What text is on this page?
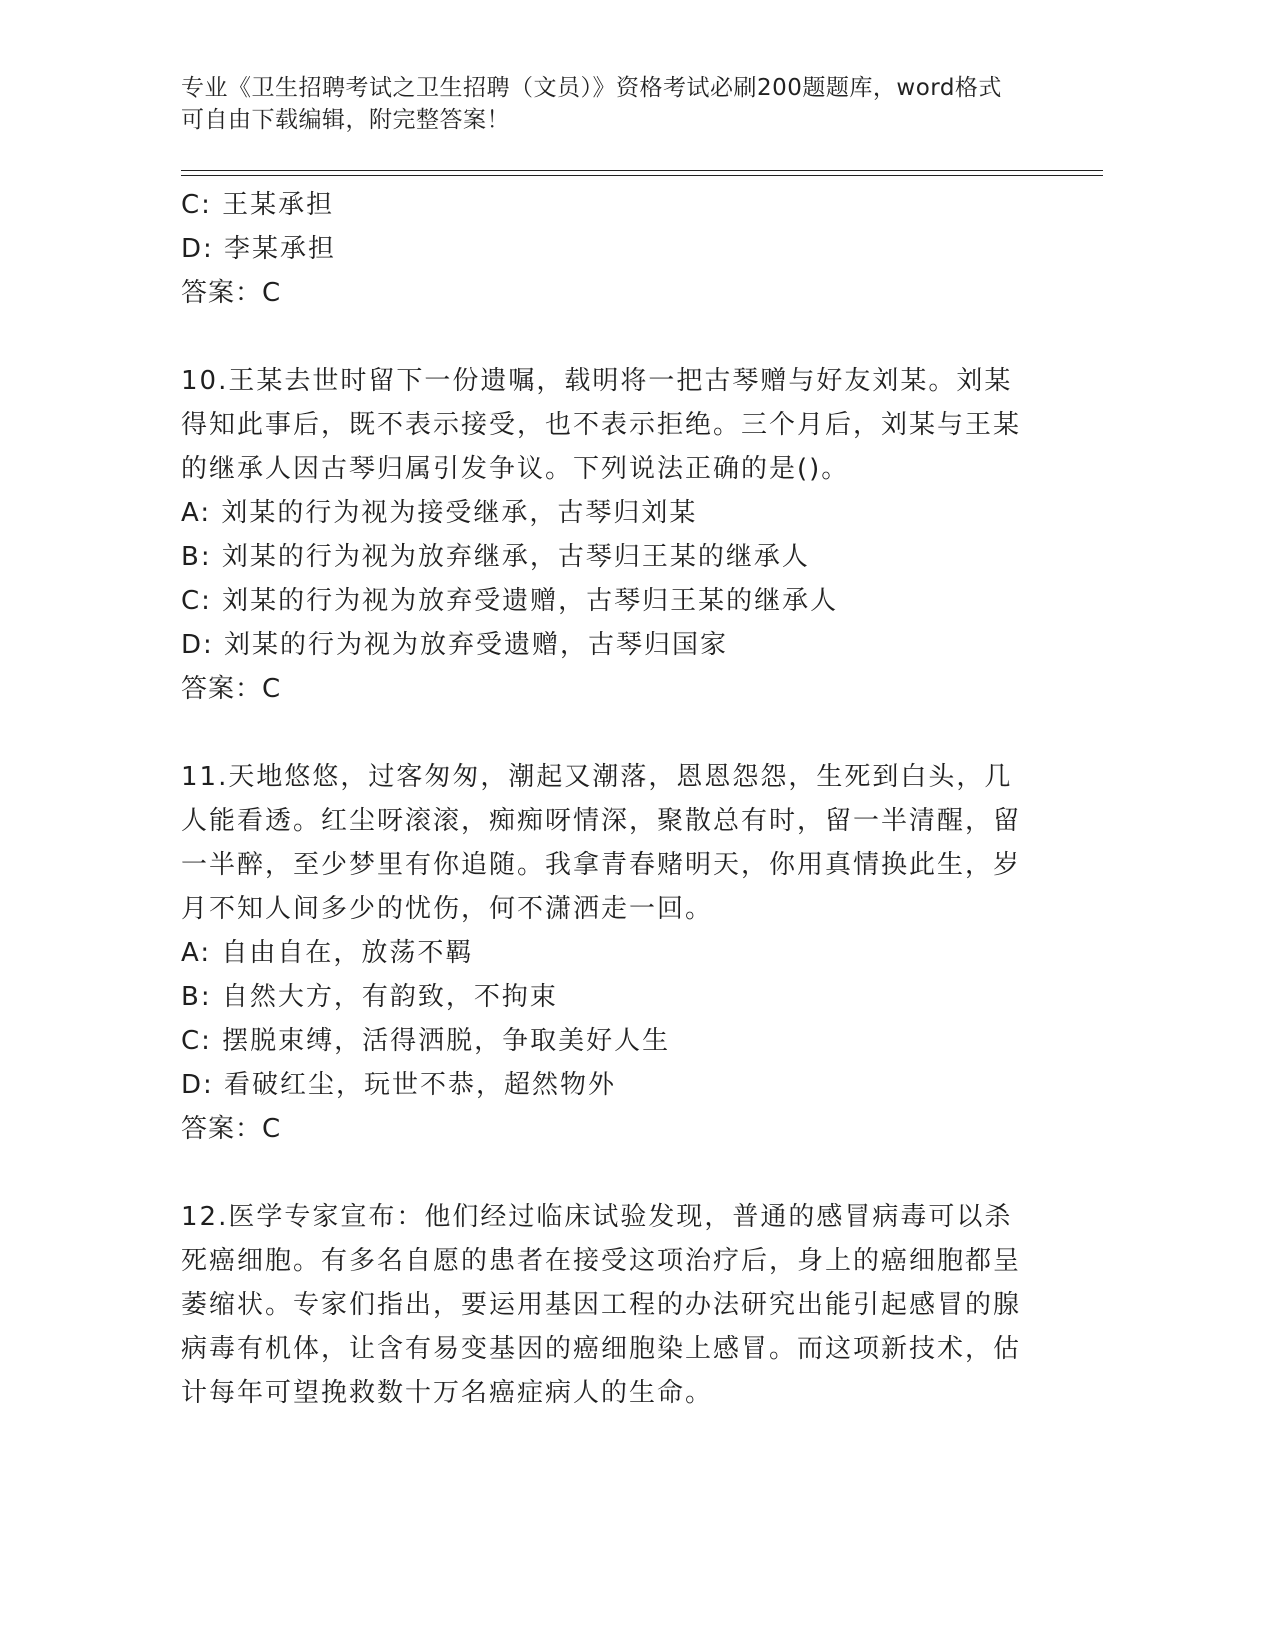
专业《卫生招聘考试之卫生招聘（文员）》资格考试必刷200题题库，word格式
可自由下载编辑，附完整答案！
C: 王某承担
D: 李某承担
答案：C
10.王某去世时留下一份遗嘱，载明将一把古琴赠与好友刘某。刘某得知此事后，既不表示接受，也不表示拒绝。三个月后，刘某与王某的继承人因古琴归属引发争议。下列说法正确的是()。
A: 刘某的行为视为接受继承，古琴归刘某
B: 刘某的行为视为放弃继承，古琴归王某的继承人
C: 刘某的行为视为放弃受遗赠，古琴归王某的继承人
D: 刘某的行为视为放弃受遗赠，古琴归国家
答案：C
11.天地悠悠，过客匆匆，潮起又潮落，恩恩怨怨，生死到白头，几人能看透。红尘呀滚滚，痴痴呀情深，聚散总有时，留一半清醒，留一半醉，至少梦里有你追随。我拿青春赌明天，你用真情换此生，岁月不知人间多少的忧伤，何不潇洒走一回。
A: 自由自在，放荡不羁
B: 自然大方，有韵致，不拘束
C: 摆脱束缚，活得洒脱，争取美好人生
D: 看破红尘，玩世不恭，超然物外
答案：C
12.医学专家宣布：他们经过临床试验发现，普通的感冒病毒可以杀死癌细胞。有多名自愿的患者在接受这项治疗后，身上的癌细胞都呈萎缩状。专家们指出，要运用基因工程的办法研究出能引起感冒的腺病毒有机体，让含有易变基因的癌细胞染上感冒。而这项新技术，估计每年可望挽救数十万名癌症病人的生命。
